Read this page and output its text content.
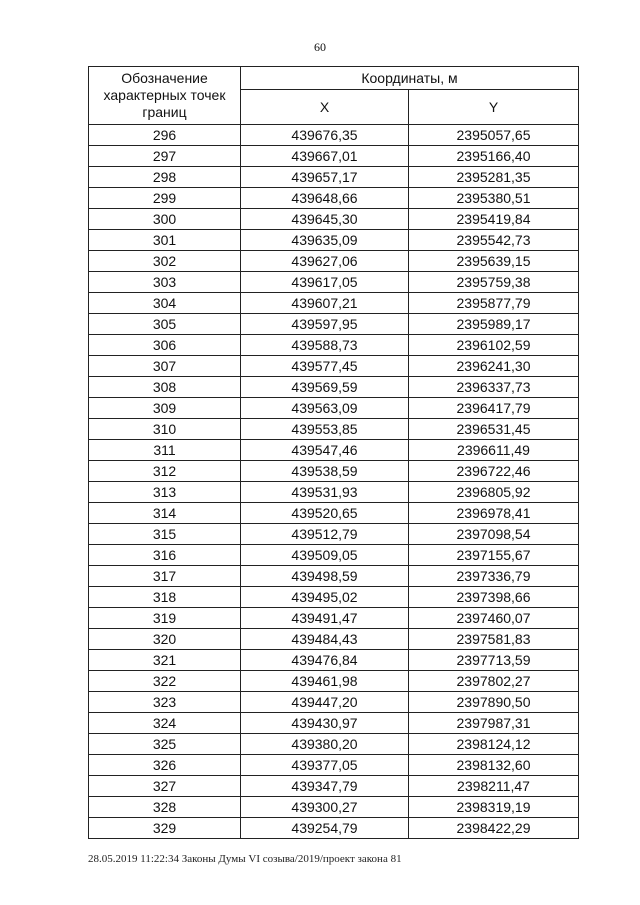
60
Обозначение характерных точек границ	Координаты, м	
	X	Y
296	439676,35	2395057,65
297	439667,01	2395166,40
298	439657,17	2395281,35
299	439648,66	2395380,51
300	439645,30	2395419,84
301	439635,09	2395542,73
302	439627,06	2395639,15
303	439617,05	2395759,38
304	439607,21	2395877,79
305	439597,95	2395989,17
306	439588,73	2396102,59
307	439577,45	2396241,30
308	439569,59	2396337,73
309	439563,09	2396417,79
310	439553,85	2396531,45
311	439547,46	2396611,49
312	439538,59	2396722,46
313	439531,93	2396805,92
314	439520,65	2396978,41
315	439512,79	2397098,54
316	439509,05	2397155,67
317	439498,59	2397336,79
318	439495,02	2397398,66
319	439491,47	2397460,07
320	439484,43	2397581,83
321	439476,84	2397713,59
322	439461,98	2397802,27
323	439447,20	2397890,50
324	439430,97	2397987,31
325	439380,20	2398124,12
326	439377,05	2398132,60
327	439347,79	2398211,47
328	439300,27	2398319,19
329	439254,79	2398422,29
28.05.2019 11:22:34 Законы Думы VI созыва/2019/проект закона 81
